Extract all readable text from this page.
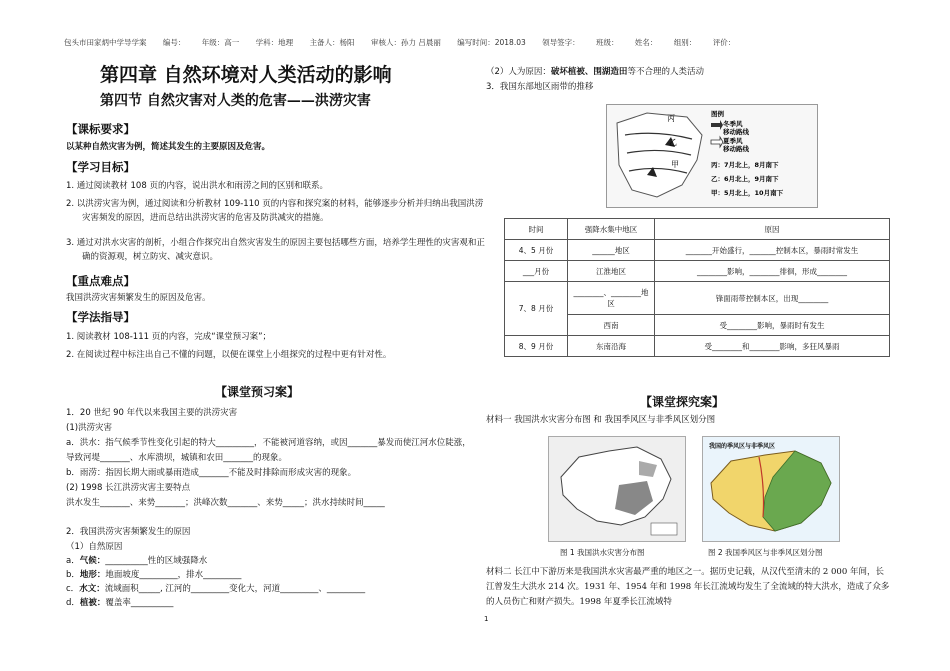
包头市田家炳中学导学案 编号： 年级：高一 学科：地理 主备人：杨阳 审核人：孙力 吕晨丽 编写时间：2018.03 领导签字： 班级： 姓名： 组别： 评价：
第四章 自然环境对人类活动的影响
第四节 自然灾害对人类的危害——洪涝灾害
【课标要求】
以某种自然灾害为例，简述其发生的主要原因及危害。
【学习目标】
1. 通过阅读教材 108 页的内容，说出洪水和雨涝之间的区别和联系。
2. 以洪涝灾害为例，通过阅读和分析教材 109-110 页的内容和探究案的材料，能够逐步分析并归纳出我国洪涝灾害频发的原因，进而总结出洪涝灾害的危害及防洪减灾的措施。
3. 通过对洪水灾害的剖析，小组合作探究出自然灾害发生的原因主要包括哪些方面，培养学生理性的灾害观和正确的资源观，树立防灾、减灾意识。
【重点难点】
我国洪涝灾害频繁发生的原因及危害。
【学法指导】
1. 阅读教材 108-111 页的内容，完成“课堂预习案”；
2. 在阅读过程中标注出自己不懂的问题，以便在课堂上小组探究的过程中更有针对性。
【课堂预习案】
1．20 世纪 90 年代以来我国主要的洪涝灾害
(1)洪涝灾害
a．洪水：指气候季节性变化引起的特大_________，不能被河道容纳，或因_______暴发而使江河水位陡涨，导致河堤_______、水库溃坝，城镇和农田_______的现象。
b．雨涝：指因长期大雨或暴雨造成_______不能及时排除而形成灾害的现象。
(2) 1998 长江洪涝灾害主要特点
洪水发生_______、来势_______；洪峰次数_______、来势_____；洪水持续时间_____
2．我国洪涝灾害频繁发生的原因
（1）自然原因
a．气候：__________性的区域强降水
b．地形：地面坡度_________，排水_________
c．水文：流域面积_____, 江河的_________变化大，河道_________、_________
d．植被：覆盖率__________
（2）人为原因：破坏植被、围湖造田等不合理的人类活动
3．我国东部地区雨带的推移
丙
乙
甲
图例
冬季风
移动路线
夏季风
移动路线
丙：7月北上，8月南下
乙：6月北上，9月南下
甲：5月北上，10月南下
时间	强降水集中地区	原因
4、5 月份	______地区	_______开始盛行，_______控制本区，暴雨时常发生
___月份	江淮地区	________影响，________徘徊，形成________
7、8 月份	________、________地区	锋面雨带控制本区，出现________
	西南	受________影响，暴雨时有发生
8、9 月份	东南沿海	受________和________影响，多狂风暴雨
【课堂探究案】
材料一 我国洪水灾害分布图 和 我国季风区与非季风区划分图
图 1 我国洪水灾害分布图
我国的季风区与非季风区
图 2 我国季风区与非季风区划分图
材料二 长江中下游历来是我国洪水灾害最严重的地区之一。据历史记载，从汉代至清末的 2 000 年间，长江曾发生大洪水 214 次。1931 年、1954 年和 1998 年长江流域均发生了全流域的特大洪水，造成了众多的人员伤亡和财产损失。1998 年夏季长江流域特
1
